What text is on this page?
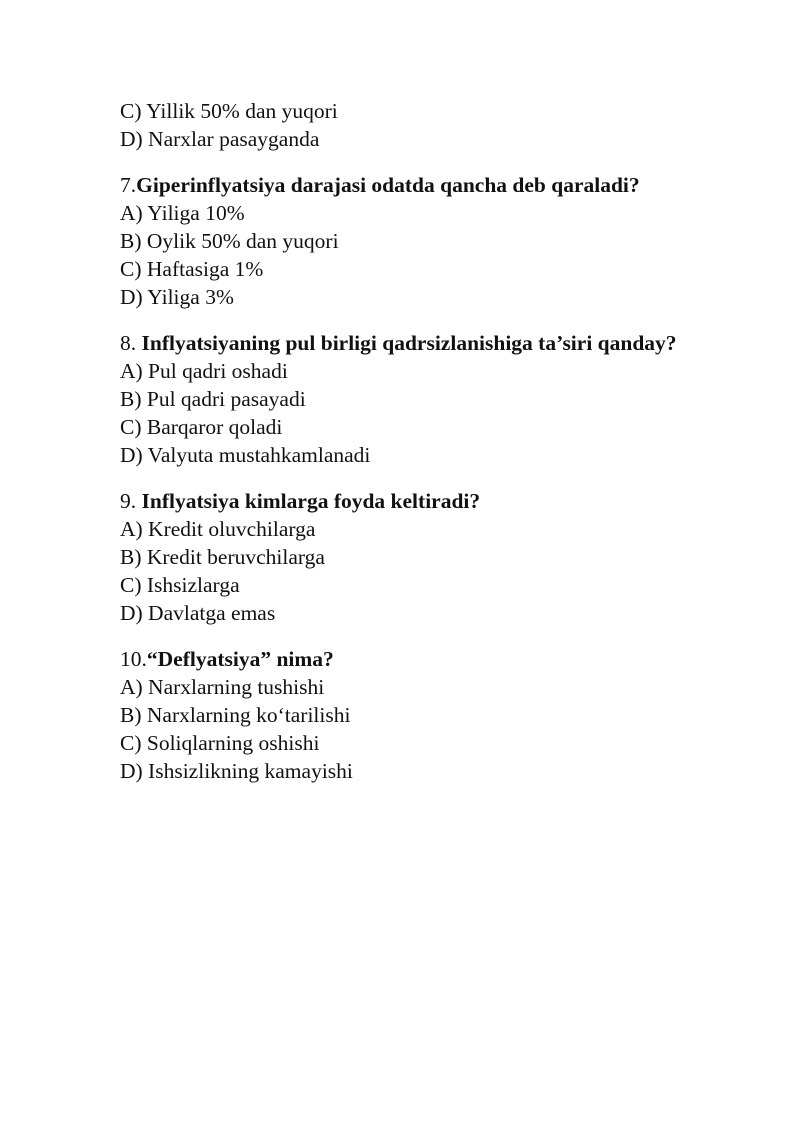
C) Yillik 50% dan yuqori
D) Narxlar pasayganda
7.Giperinflyatsiya darajasi odatda qancha deb qaraladi?
A) Yiliga 10%
B) Oylik 50% dan yuqori
C) Haftasiga 1%
D) Yiliga 3%
8. Inflyatsiyaning pul birligi qadrsizlanishiga ta’siri qanday?
A) Pul qadri oshadi
B) Pul qadri pasayadi
C) Barqaror qoladi
D) Valyuta mustahkamlanadi
9. Inflyatsiya kimlarga foyda keltiradi?
A) Kredit oluvchilarga
B) Kredit beruvchilarga
C) Ishsizlarga
D) Davlatga emas
10.“Deflyatsiya” nima?
A) Narxlarning tushishi
B) Narxlarning ko‘tarilishi
C) Soliqlarning oshishi
D) Ishsizlikning kamayishi
